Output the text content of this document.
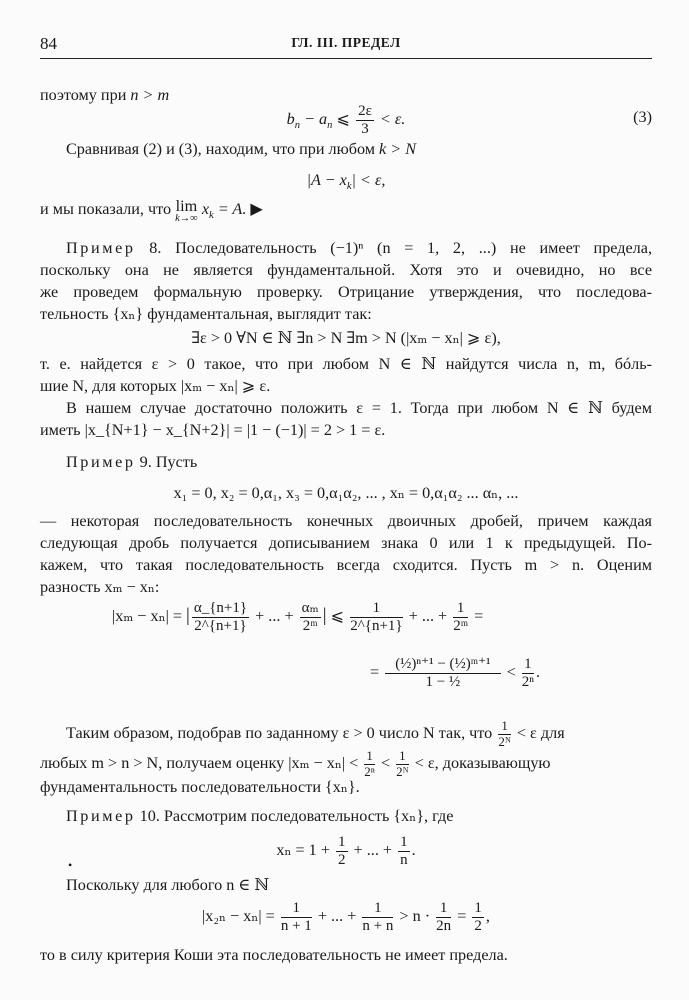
84	ГЛ. III. ПРЕДЕЛ
поэтому при n > m
$b_n - a_n$ ⩽ $\frac{2\varepsilon}{3} < \varepsilon$.	(3)
Сравнивая (2) и (3), находим, что при любом k > N
$|A - x_k| < \varepsilon$,
и мы показали, что lim
k→∞
$x_k = A$. ▶
Пример 8. Последовательность (−1)ⁿ (n = 1, 2, ...) не имеет предела,
поскольку она не является фундаментальной. Хотя это и очевидно, но все
же проведем формальную проверку. Отрицание утверждения, что последова-
тельность {xₙ} фундаментальная, выглядит так:
∃ε > 0 ∀N ∈ ℕ ∃n > N ∃m > N (|xₘ − xₙ| ⩾ ε),
т. е. найдется ε > 0 такое, что при любом N ∈ ℕ найдутся числа n, m, бóль-
шие N, для которых |xₘ − xₙ| ⩾ ε.
В нашем случае достаточно положить ε = 1. Тогда при любом N ∈ ℕ будем
иметь |x_{N+1} − x_{N+2}| = |1 − (−1)| = 2 > 1 = ε.
Пример 9. Пусть
x₁ = 0, x₂ = 0,α₁, x₃ = 0,α₁α₂, ... , xₙ = 0,α₁α₂ ... αₙ, ...
— некоторая последовательность конечных двоичных дробей, причем каждая
следующая дробь получается дописыванием знака 0 или 1 к предыдущей. По-
кажем, что такая последовательность всегда сходится. Пусть m > n. Оценим
разность xₘ − xₙ:
|xₘ − xₙ| = | $\frac{\alpha\_\{n+1\}}{2\^{}\{n+1\}}$ + ... + $\frac{\text{αₘ}}{\text{2ᵐ}}$ | ⩽ $\frac{1}{2\^{}\{n+1\}}$ + ... + $\frac{1}{\text{2ᵐ}}$ =
= $\frac{\text{(½)ⁿ⁺¹ − (½)ᵐ⁺¹}}{\text{1 − ½}} < \frac{1}{\text{2ⁿ}}$ .
Таким образом, подобрав по заданному ε > 0 число N так, что $\frac{1}{\text{2ᴺ}} < \varepsilon$ для
любых m > n > N, получаем оценку $|x_m - x_n| < \frac{1}{\text{2ⁿ}} < \frac{1}{\text{2ᴺ}} < \varepsilon$, доказывающую
фундаментальность последовательности {xₙ}.
Пример 10. Рассмотрим последовательность {xₙ}, где
$x_n = 1 + \frac{1}{2}$ + ... + $\frac{1}{n}$ .
•
Поскольку для любого n ∈ ℕ
$|x_{2n} - x_n| = \frac{1}{n + 1}$ + ... + $\frac{1}{n + n} > n \cdot \frac{1}{2n} = \frac{1}{2}$ ,
то в силу критерия Коши эта последовательность не имеет предела.
